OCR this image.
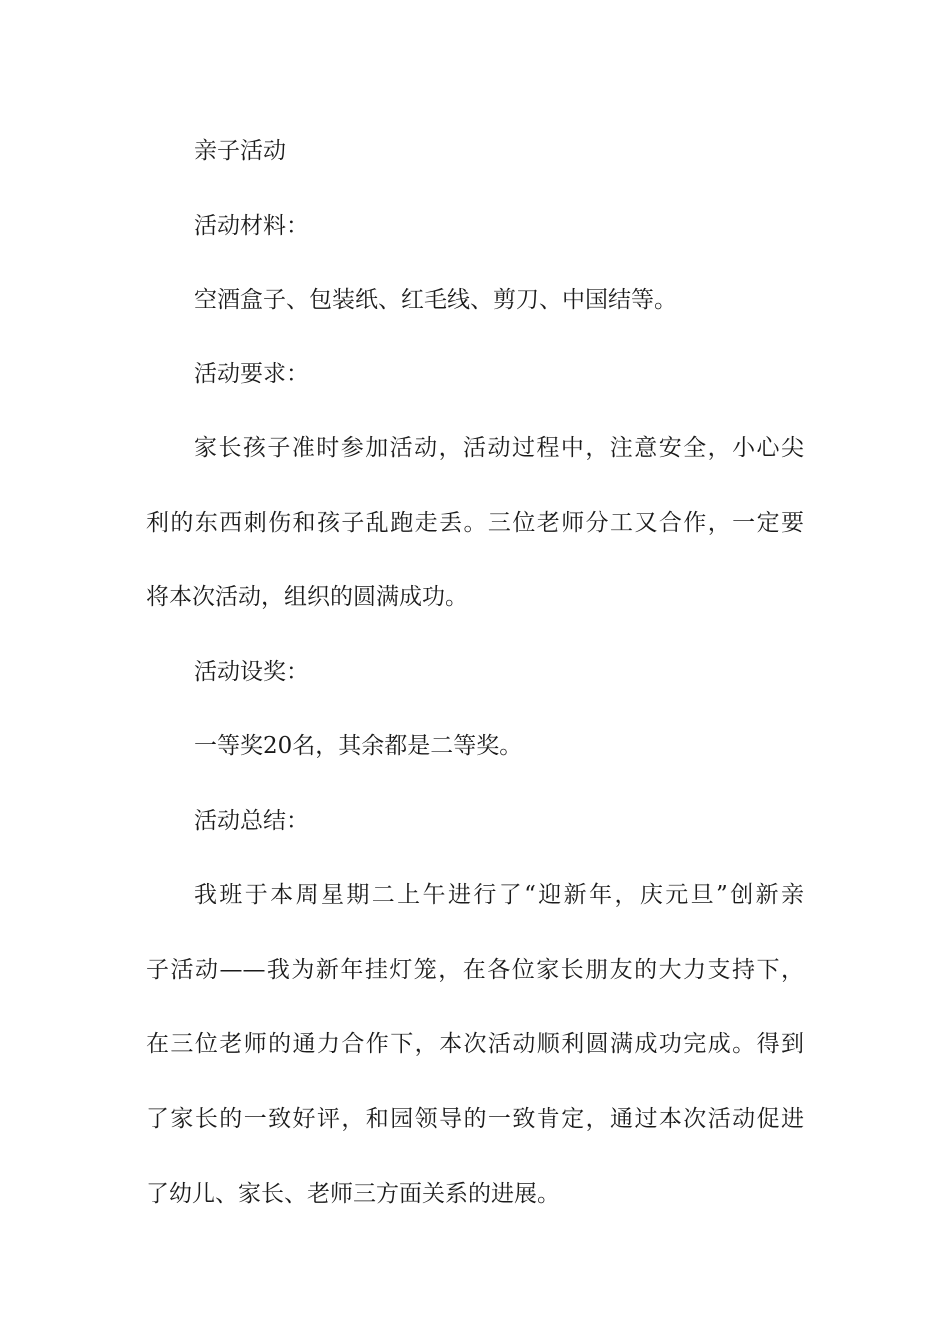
亲子活动
活动材料：
空酒盒子、包装纸、红毛线、剪刀、中国结等。
活动要求：
家长孩子准时参加活动，活动过程中，注意安全，小心尖
利的东西刺伤和孩子乱跑走丢。三位老师分工又合作，一定要
将本次活动，组织的圆满成功。
活动设奖：
一等奖20名，其余都是二等奖。
活动总结：
我班于本周星期二上午进行了“迎新年，庆元旦”创新亲
子活动——我为新年挂灯笼，在各位家长朋友的大力支持下，
在三位老师的通力合作下，本次活动顺利圆满成功完成。得到
了家长的一致好评，和园领导的一致肯定，通过本次活动促进
了幼儿、家长、老师三方面关系的进展。
